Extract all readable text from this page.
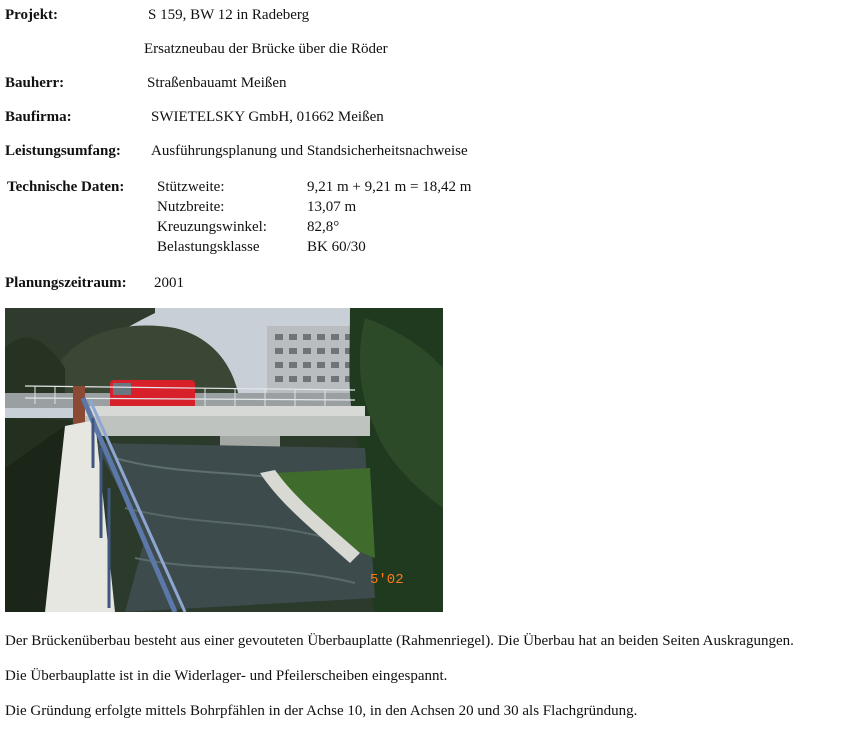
Projekt:	S 159, BW 12 in Radeberg
Ersatzneubau der Brücke über die Röder
Bauherr:	Straßenbauamt Meißen
Baufirma:	SWIETELSKY GmbH, 01662 Meißen
Leistungsumfang: Ausführungsplanung und Standsicherheitsnachweise
Technische Daten: Stützweite:	9,21 m + 9,21 m = 18,42 m
Nutzbreite:	13,07 m
Kreuzungswinkel:	82,8°
Belastungsklasse	BK 60/30
Planungszeitraum: 2001
5'02
Der Brückenüberbau besteht aus einer gevouteten Überbauplatte (Rahmenriegel). Die Überbau hat an beiden Seiten Auskragungen.
Die Überbauplatte ist in die Widerlager- und Pfeilerscheiben eingespannt.
Die Gründung erfolgte mittels Bohrpfählen in der Achse 10, in den Achsen 20 und 30 als Flachgründung.
